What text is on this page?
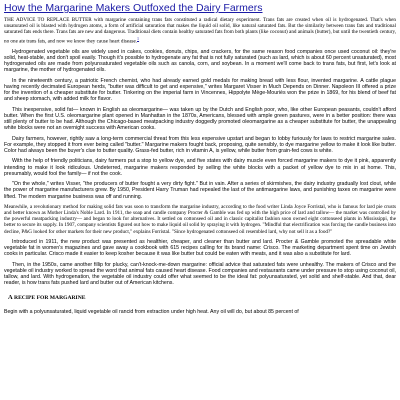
How the Margarine Makers Outfoxed the Dairy Farmers

THE ADVICE TO REPLACE BUTTER with margarine containing trans fats constituted a radical dietary experiment. Trans fats are created when oil is hydrogenated. That's when unsaturated oil is blasted with hydrogen atoms, a form of artificial saturation that makes the liquid oil solid, like natural saturated fats. But the similarity between trans fats and traditional saturated fats ends there. Trans fats are new and dangerous. Traditional diets contain healthy saturated fats from both plants (like coconut) and animals (butter), but until the twentieth century, no one ate trans fats, and now we know they cause heart disease.$^1$

Hydrogenated vegetable oils are widely used in cakes, cookies, donuts, chips, and crackers, for the same reason food companies once used coconut oil: they're solid, heat-stable, and don't spoil easily. Though it's possible to hydrogenate any fat that is not fully saturated (such as lard, which is about 60 percent unsaturated), most hydrogenated oils are made from polyunsaturated vegetable oils such as canola, corn, and soybean. In a moment we'll come back to trans fats, but first, let's look at margarine, the mother of hydrogenated oils.

In the nineteenth century, a patriotic French chemist, who had already earned gold medals for making bread with less flour, invented margarine. A cattle plague having recently decimated European herds, "butter was difficult to get and expensive," writes Margaret Visser in Much Depends on Dinner. Napoleon III offered a prize for the invention of a cheaper substitute for butter. Tinkering on the imperial farm in Vincennes, Hippolyte Mège-Mouriès won the prize in 1869, for his blend of beef fat and sheep stomach, with added milk for flavor.

This inexpensive, solid fat— known in English as oleomargarine— was taken up by the Dutch and English poor, who, like other European peasants, couldn't afford butter. When the first U.S. oleomargarine plant opened in Manhattan in the 1870s, Americans, blessed with ample green pastures, were in a better position: there was still plenty of butter to be had. Although the Chicago-based meatpacking industry doggedly promoted oleomargarine as a cheaper substitute for butter, the unappealing white blocks were not an overnight success with American cooks.

Dairy farmers, however, rightly saw a long-term commercial threat from this less expensive upstart and began to lobby furiously for laws to restrict margarine sales. For example, they stopped it from ever being called "butter." Margarine makers fought back, proposing, quite sensibly, to dye margarine yellow to make it look like butter. Color had always been the buyer's clue to butter quality. Grass-fed butter, rich in vitamin A, is yellow, while butter from grain-fed cows is white.

With the help of friendly politicians, dairy farmers put a stop to yellow dye, and five states with dairy muscle even forced margarine makers to dye it pink, apparently intending to make it look ridiculous. Undeterred, margarine makers responded by selling the white blocks with a packet of yellow dye to mix in at home. This, presumably, would fool the family— if not the cook.

"On the whole," writes Visser, "the producers of butter fought a very dirty fight." But in vain. After a series of skirmishes, the dairy industry gradually lost clout, while the power of margarine manufacturers grew. By 1950, President Harry Truman had repealed the last of the antimargarine laws, and punishing taxes on margarine were lifted. The modern margarine business was off and running.

Meanwhile, a revolutionary method for making solid fats was soon to transform the margarine industry, according to the food writer Linda Joyce Forristal, who is famous for lard pie crusts and better known as Mother Linda's Noble Lard. In 1911, the soap and candle company Procter & Gamble was fed up with the high price of lard and tallow— the market was controlled by the powerful meatpacking industry— and began to look for alternatives. It settled on cottonseed oil and in classic capitalist fashion soon owned eight cottonseed plants in Mississippi, the better to secure its supply. In 1907, company scientists figured out how to make liquid oil solid by spraying it with hydrogen. "Mindful that electrification was forcing the candle business into decline, P&G looked for other markets for their new product," explains Forristal. "Since hydrogenated cottonseed oil resembled lard, why not sell it as a food?"

Introduced in 1911, the new product was presented as healthier, cheaper, and cleaner than butter and lard. Procter & Gamble promoted the spreadable white vegetable fat in women's magazines and gave away a cookbook with 615 recipes calling for its brand name: Crisco. The marketing department spent time on Jewish cooks in particular. Crisco made it easier to keep kosher because it was like butter but could be eaten with meats, and it was also a substitute for lard.

Then, in the 1950s, came another fillip for plucky, can't-knock-me-down margarine: official advice that saturated fats were unhealthy. The makers of Crisco and the vegetable oil industry worked to spread the word that animal fats caused heart disease. Food companies and restaurants came under pressure to stop using coconut oil, tallow, and lard. With hydrogenation, the vegetable oil industry could offer what seemed to be the ideal fat: polyunsaturated, yet solid and shelf-stable. And that, dear reader, is how trans fats pushed lard and butter out of American kitchens.

A RECIPE FOR MARGARINE

Begin with a polyunsaturated, liquid vegetable oil rancid from extraction under high heat. Any oil will do, but about 85 percent of
